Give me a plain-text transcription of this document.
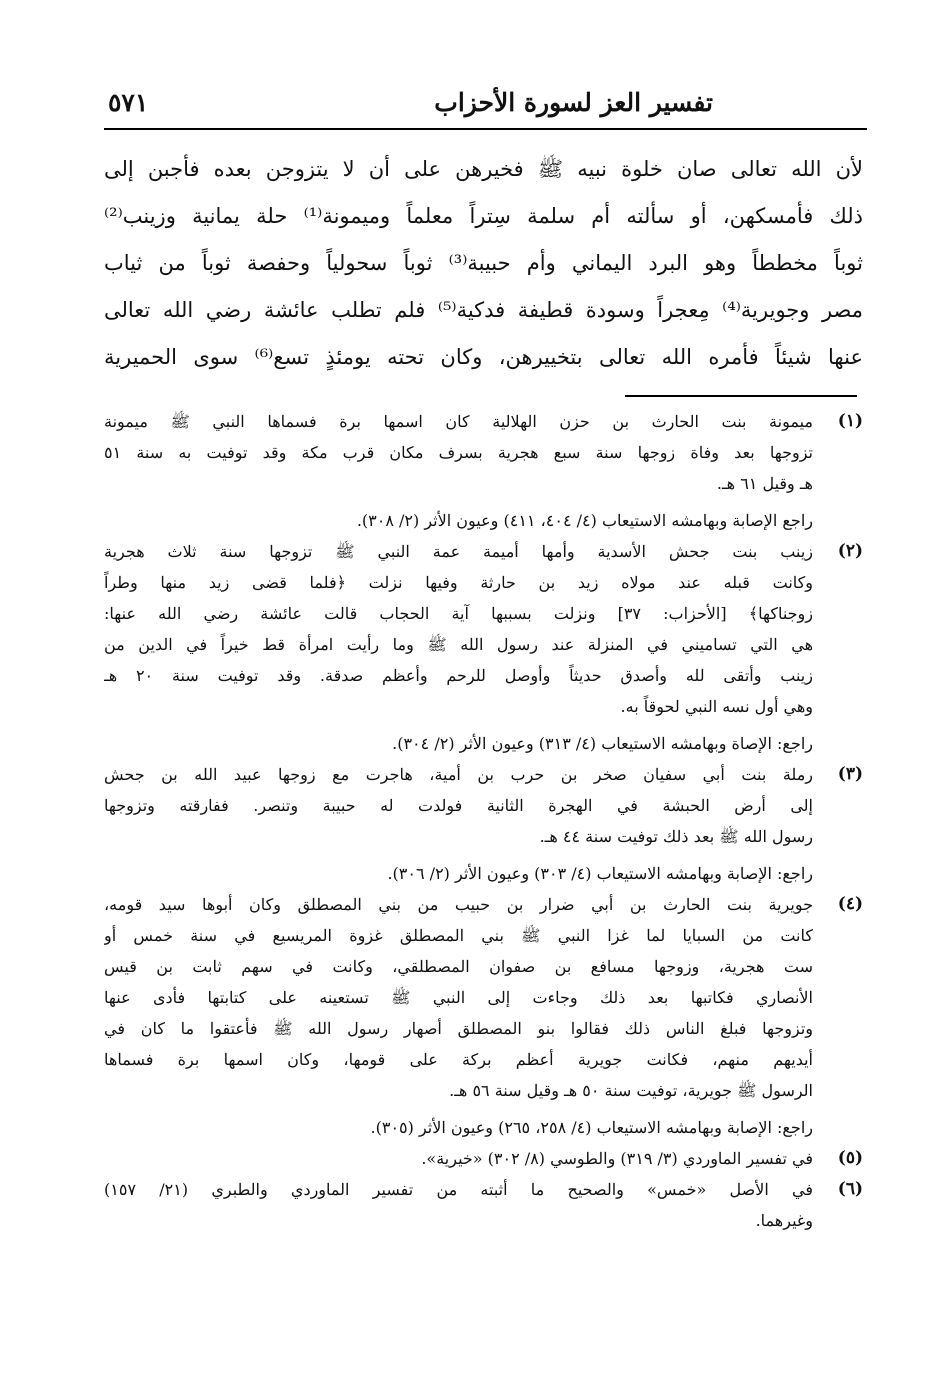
تفسير العز لسورة الأحزاب
٥٧١
لأن الله تعالى صان خلوة نبيه ﷺ فخيرهن على أن لا يتزوجن بعده فأجبن إلى
ذلك فأمسكهن، أو سألته أم سلمة سِتراً معلماً وميمونة⁽¹⁾ حلة يمانية وزينب⁽²⁾
ثوباً مخططاً وهو البرد اليماني وأم حبيبة⁽³⁾ ثوباً سحولياً وحفصة ثوباً من ثياب
مصر وجويرية⁽⁴⁾ مِعجراً وسودة قطيفة فدكية⁽⁵⁾ فلم تطلب عائشة رضي الله تعالى
عنها شيئاً فأمره الله تعالى بتخييرهن، وكان تحته يومئذٍ تسع⁽⁶⁾ سوى الحميرية
(١)
ميمونة بنت الحارث بن حزن الهلالية كان اسمها برة فسماها النبي ﷺ ميمونة
تزوجها بعد وفاة زوجها سنة سبع هجرية بسرف مكان قرب مكة وقد توفيت به سنة ٥١
هـ وقيل ٦١ هـ.
راجع الإصابة وبهامشه الاستيعاب (٤/ ٤٠٤، ٤١١) وعيون الأثر (٢/ ٣٠٨).
(٢)
زينب بنت جحش الأسدية وأمها أميمة عمة النبي ﷺ تزوجها سنة ثلاث هجرية
وكانت قبله عند مولاه زيد بن حارثة وفيها نزلت ﴿فلما قضى زيد منها وطراً
زوجناكها﴾ [الأحزاب: ٣٧] ونزلت بسببها آية الحجاب قالت عائشة رضي الله عنها:
هي التي تساميني في المنزلة عند رسول الله ﷺ وما رأيت امرأة قط خيراً في الدين من
زينب وأتقى لله وأصدق حديثاً وأوصل للرحم وأعظم صدقة. وقد توفيت سنة ٢٠ هـ
وهي أول نسه النبي لحوقاً به.
راجع: الإصاة وبهامشه الاستيعاب (٤/ ٣١٣) وعيون الأثر (٢/ ٣٠٤).
(٣)
رملة بنت أبي سفيان صخر بن حرب بن أمية، هاجرت مع زوجها عبيد الله بن جحش
إلى أرض الحبشة في الهجرة الثانية فولدت له حبيبة وتنصر. ففارقته وتزوجها
رسول الله ﷺ بعد ذلك توفيت سنة ٤٤ هـ.
راجع: الإصابة وبهامشه الاستيعاب (٤/ ٣٠٣) وعيون الأثر (٢/ ٣٠٦).
(٤)
جويرية بنت الحارث بن أبي ضرار بن حبيب من بني المصطلق وكان أبوها سيد قومه،
كانت من السبايا لما غزا النبي ﷺ بني المصطلق غزوة المريسيع في سنة خمس أو
ست هجرية، وزوجها مسافع بن صفوان المصطلقي، وكانت في سهم ثابت بن قيس
الأنصاري فكاتبها بعد ذلك وجاءت إلى النبي ﷺ تستعينه على كتابتها فأدى عنها
وتزوجها فبلغ الناس ذلك فقالوا بنو المصطلق أصهار رسول الله ﷺ فأعتقوا ما كان في
أيديهم منهم، فكانت جويرية أعظم بركة على قومها، وكان اسمها برة فسماها
الرسول ﷺ جويرية، توفيت سنة ٥٠ هـ وقيل سنة ٥٦ هـ.
راجع: الإصابة وبهامشه الاستيعاب (٤/ ٢٥٨، ٢٦٥) وعيون الأثر (٣٠٥).
(٥)
في تفسير الماوردي (٣/ ٣١٩) والطوسي (٨/ ٣٠٢) «خيرية».
(٦)
في الأصل «خمس» والصحيح ما أثبته من تفسير الماوردي والطبري (٢١/ ١٥٧)
وغيرهما.
